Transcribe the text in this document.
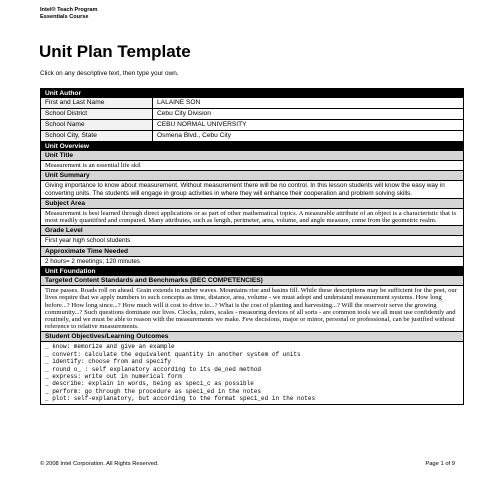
Intel® Teach Program
Essentials Course
Unit Plan Template
Click on any descriptive text, then type your own.
Unit Author
First and Last Name	LALAINE SON
School District	Cebu City Division
School Name	CEBU NORMAL UNIVERSITY
School City, State	Osmena Blvd., Cebu City
Unit Overview
Unit Title
Measurement is an essential life skil
Unit Summary
Giving importance to know about measurement. Without measurement there will be no control. In this lesson students will know the easy way in converting units. The students will engage in group activities in where they will enhance their cooperation and problem solving skills.
Subject Area
Measurement is best learned through direct applications or as part of other mathematical topics. A measurable attribute of an object is a characteristic that is most readily quantified and compared. Many attributes, such as length, perimeter, area, volume, and angle measure, come from the geometric realm.
Grade Level
First year high school students
Approximate Time Needed
2 hours= 2 meetings; 120 minutes
Unit Foundation
Targeted Content Standards and Benchmarks (BEC COMPETENCIES)
Time passes. Roads roll on ahead. Grain extends in amber waves. Mountains rise and basins fill. While these descriptions may be sufficient for the poet, our lives require that we apply numbers to such concepts as time, distance, area, volume - we must adopt and understand measurement systems. How long before...? How long since...? How much will it cost to drive to...? What is the cost of planting and harvesting...? Will the reservoir serve the growing community...? Such questions dominate our lives. Clocks, rulers, scales - measuring devices of all sorts - are common tools we all must use confidently and routinely, and we must be able to reason with the measurements we make. Few decisions, major or minor, personal or professional, can be justified without reference to relative measurements.
Student Objectives/Learning Outcomes
_ know: memorize and give an example
_ convert: calculate the equivalent quantity in another system of units
_ identify: choose from and specify
_ round o_ : self explanatory according to its de_ned method
_ express: write out in numerical form
_ describe: explain in words, being as speci_c as possible
_ perform: go through the procedure as speci_ed in the notes
_ plot: self-explanatory, but according to the format speci_ed in the notes
© 2008 Intel Corporation. All Rights Reserved.	Page 1 of 9
